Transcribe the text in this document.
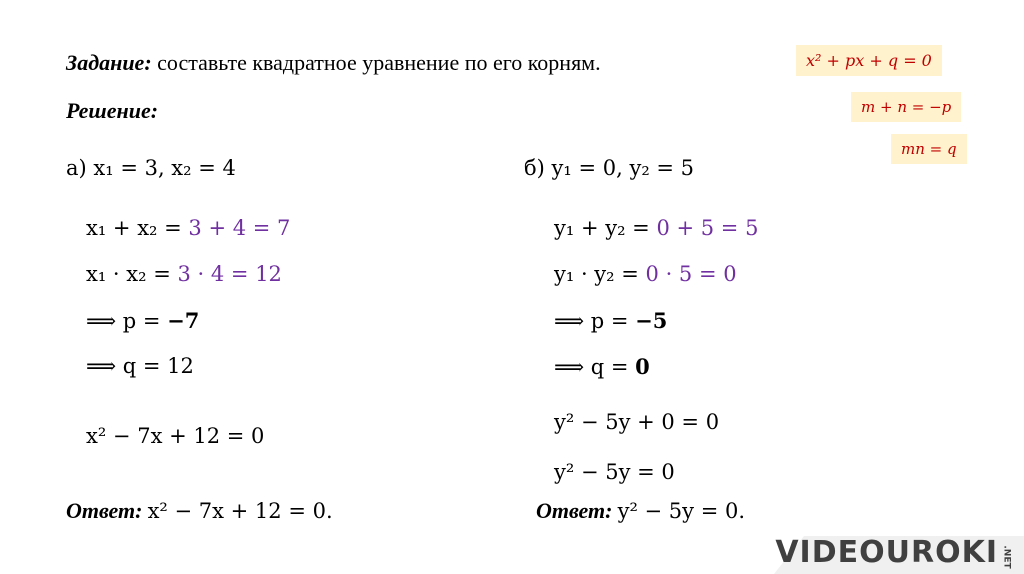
Задание: составьте квадратное уравнение по его корням.
Решение:
x² + px + q = 0
m + n = −p
mn = q
а) x₁ = 3, x₂ = 4
x₁ + x₂ = 3 + 4 = 7
x₁ · x₂ = 3 · 4 = 12
⟹ p = −7
⟹ q = 12
x² − 7x + 12 = 0
Ответ: x² − 7x + 12 = 0.
б) y₁ = 0, y₂ = 5
y₁ + y₂ = 0 + 5 = 5
y₁ · y₂ = 0 · 5 = 0
⟹ p = −5
⟹ q = 0
y² − 5y + 0 = 0
y² − 5y = 0
Ответ: y² − 5y = 0.
VIDEOUROKI .NET
